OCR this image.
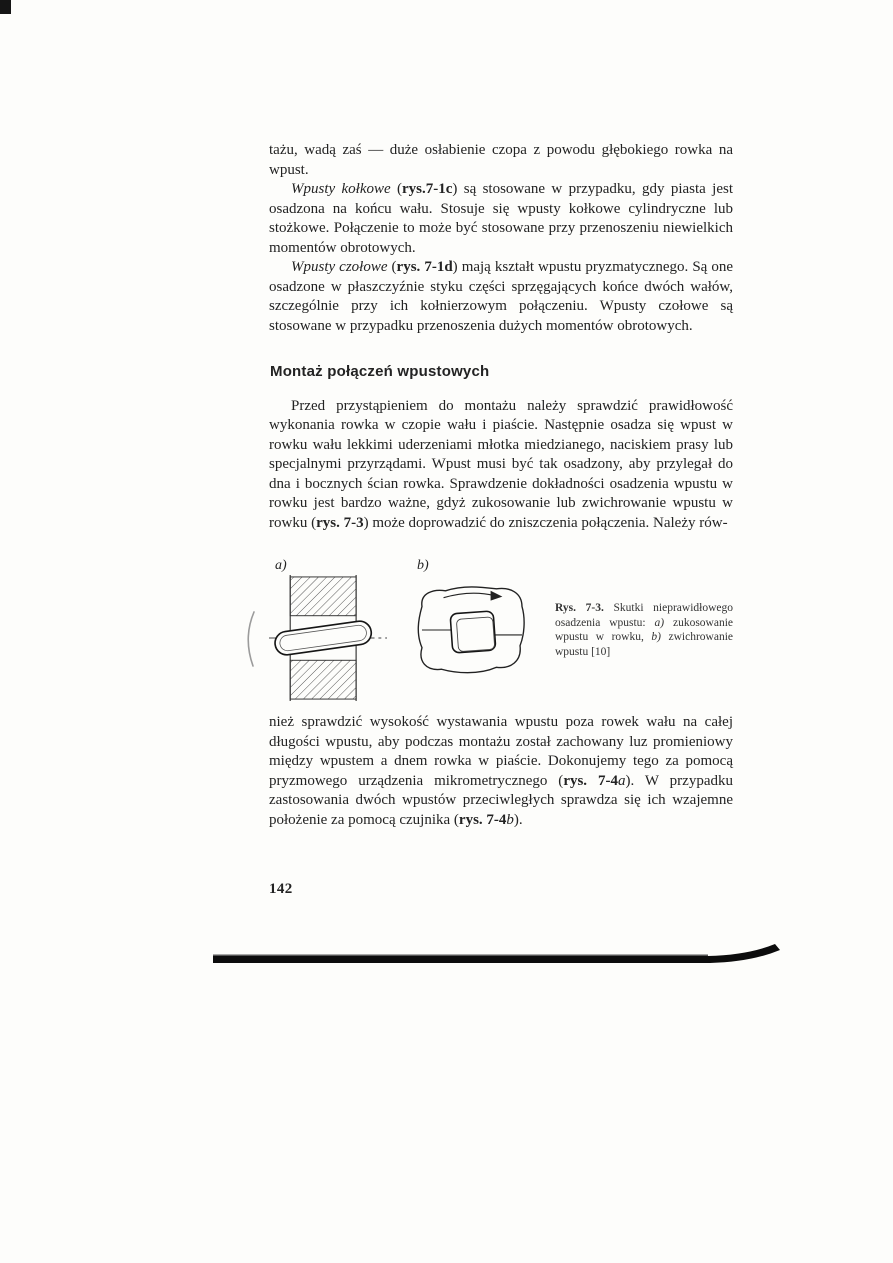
tażu, wadą zaś — duże osłabienie czopa z powodu głębokiego rowka na wpust.

Wpusty kołkowe (rys.7-1c) są stosowane w przypadku, gdy piasta jest osadzona na końcu wału. Stosuje się wpusty kołkowe cylindryczne lub stożkowe. Połączenie to może być stosowane przy przenoszeniu niewielkich momentów obrotowych.

Wpusty czołowe (rys. 7-1d) mają kształt wpustu pryzmatycznego. Są one osadzone w płaszczyźnie styku części sprzęgających końce dwóch wałów, szczególnie przy ich kołnierzowym połączeniu. Wpusty czołowe są stosowane w przypadku przenoszenia dużych momentów obrotowych.

Montaż połączeń wpustowych

Przed przystąpieniem do montażu należy sprawdzić prawidłowość wykonania rowka w czopie wału i piaście. Następnie osadza się wpust w rowku wału lekkimi uderzeniami młotka miedzianego, naciskiem prasy lub specjalnymi przyrządami. Wpust musi być tak osadzony, aby przylegał do dna i bocznych ścian rowka. Sprawdzenie dokładności osadzenia wpustu w rowku jest bardzo ważne, gdyż zukosowanie lub zwichrowanie wpustu w rowku (rys. 7-3) może doprowadzić do zniszczenia połączenia. Należy rów-

a)	b)
Rys. 7-3. Skutki nieprawidłowego osadzenia wpustu: a) zukosowanie wpustu w rowku, b) zwichrowanie wpustu [10]

nież sprawdzić wysokość wystawania wpustu poza rowek wału na całej długości wpustu, aby podczas montażu został zachowany luz promieniowy między wpustem a dnem rowka w piaście. Dokonujemy tego za pomocą pryzmowego urządzenia mikrometrycznego (rys. 7-4a). W przypadku zastosowania dwóch wpustów przeciwległych sprawdza się ich wzajemne położenie za pomocą czujnika (rys. 7-4b).

142
